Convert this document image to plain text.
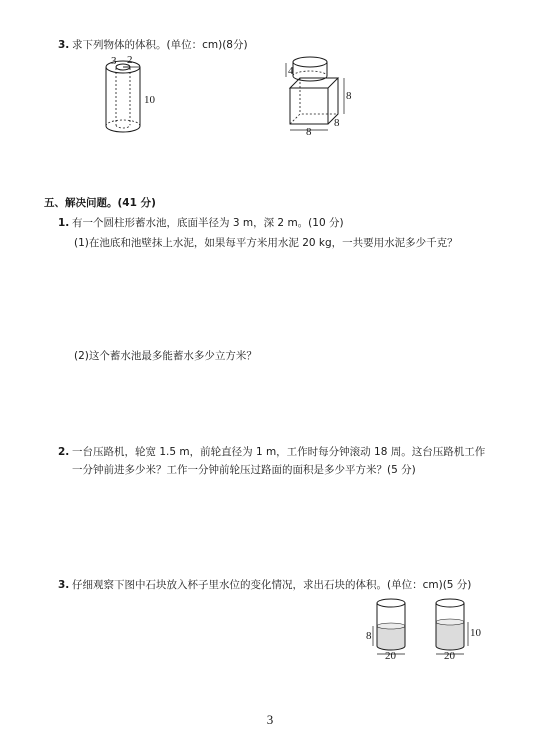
3. 求下列物体的体积。(单位：cm)(8分)
3 2
10
4
8
8
8
五、解决问题。(41 分)
1. 有一个圆柱形蓄水池，底面半径为 3 m，深 2 m。(10 分)
(1)在池底和池壁抹上水泥，如果每平方米用水泥 20 kg，一共要用水泥多少千克？
(2)这个蓄水池最多能蓄水多少立方米？
2. 一台压路机，轮宽 1.5 m，前轮直径为 1 m，工作时每分钟滚动 18 周。这台压路机工作
一分钟前进多少米？工作一分钟前轮压过路面的面积是多少平方米？(5 分)
3. 仔细观察下图中石块放入杯子里水位的变化情况，求出石块的体积。(单位：cm)(5 分)
8
20
10
20
3
